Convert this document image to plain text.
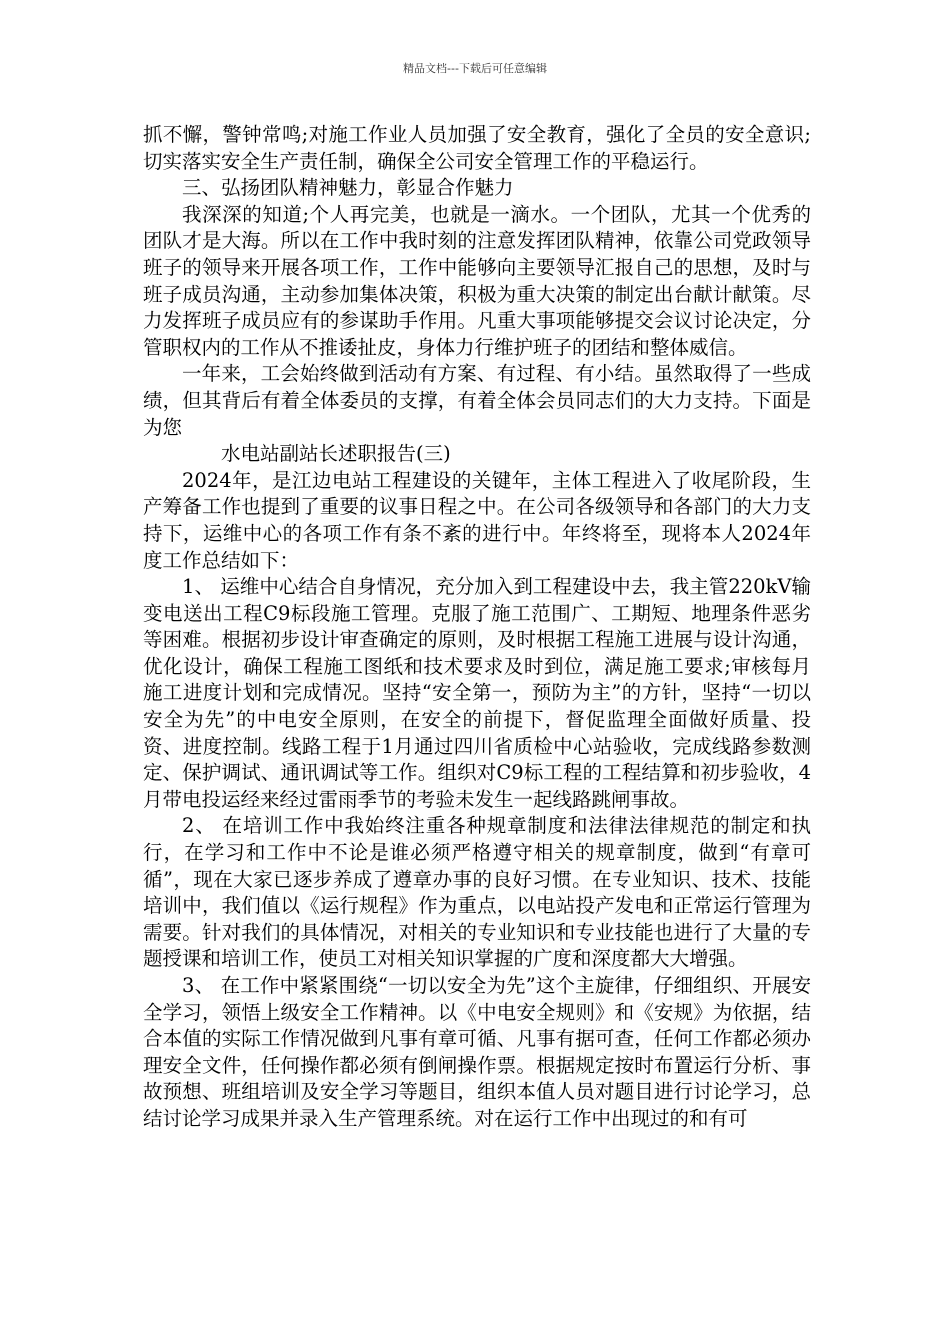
精品文档---下载后可任意编辑

抓不懈，警钟常鸣;对施工作业人员加强了安全教育，强化了全员的安全意识;切实落实安全生产责任制，确保全公司安全管理工作的平稳运行。

三、弘扬团队精神魅力，彰显合作魅力

我深深的知道;个人再完美，也就是一滴水。一个团队，尤其一个优秀的团队才是大海。所以在工作中我时刻的注意发挥团队精神，依靠公司党政领导班子的领导来开展各项工作，工作中能够向主要领导汇报自己的思想，及时与班子成员沟通，主动参加集体决策，积极为重大决策的制定出台献计献策。尽力发挥班子成员应有的参谋助手作用。凡重大事项能够提交会议讨论决定，分管职权内的工作从不推诿扯皮，身体力行维护班子的团结和整体威信。

一年来，工会始终做到活动有方案、有过程、有小结。虽然取得了一些成绩，但其背后有着全体委员的支撑，有着全体会员同志们的大力支持。下面是为您

水电站副站长述职报告(三)

2024年，是江边电站工程建设的关键年，主体工程进入了收尾阶段，生产筹备工作也提到了重要的议事日程之中。在公司各级领导和各部门的大力支持下，运维中心的各项工作有条不紊的进行中。年终将至，现将本人2024年度工作总结如下：

1、 运维中心结合自身情况，充分加入到工程建设中去，我主管220kV输变电送出工程C9标段施工管理。克服了施工范围广、工期短、地理条件恶劣等困难。根据初步设计审查确定的原则，及时根据工程施工进展与设计沟通，优化设计，确保工程施工图纸和技术要求及时到位，满足施工要求;审核每月施工进度计划和完成情况。坚持“安全第一，预防为主”的方针，坚持“一切以安全为先”的中电安全原则，在安全的前提下，督促监理全面做好质量、投资、进度控制。线路工程于1月通过四川省质检中心站验收，完成线路参数测定、保护调试、通讯调试等工作。组织对C9标工程的工程结算和初步验收，4月带电投运经来经过雷雨季节的考验未发生一起线路跳闸事故。

2、 在培训工作中我始终注重各种规章制度和法律法律规范的制定和执行，在学习和工作中不论是谁必须严格遵守相关的规章制度，做到“有章可循”，现在大家已逐步养成了遵章办事的良好习惯。在专业知识、技术、技能培训中，我们值以《运行规程》作为重点，以电站投产发电和正常运行管理为需要。针对我们的具体情况，对相关的专业知识和专业技能也进行了大量的专题授课和培训工作，使员工对相关知识掌握的广度和深度都大大增强。

3、 在工作中紧紧围绕“一切以安全为先”这个主旋律，仔细组织、开展安全学习，领悟上级安全工作精神。以《中电安全规则》和《安规》为依据，结合本值的实际工作情况做到凡事有章可循、凡事有据可查，任何工作都必须办理安全文件，任何操作都必须有倒闸操作票。根据规定按时布置运行分析、事故预想、班组培训及安全学习等题目，组织本值人员对题目进行讨论学习，总结讨论学习成果并录入生产管理系统。对在运行工作中出现过的和有可
